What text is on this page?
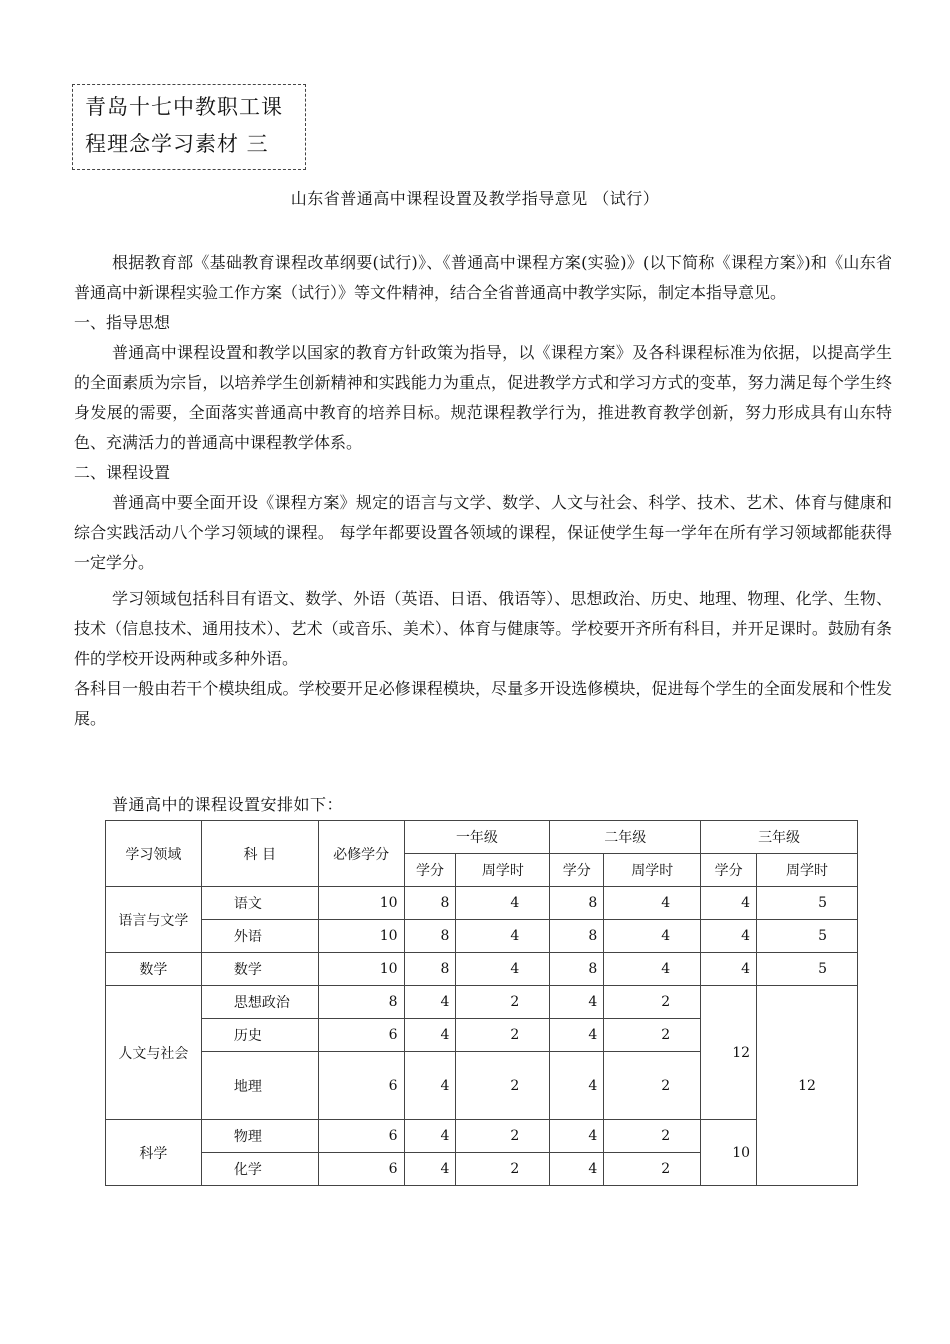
青岛十七中教职工课
程理念学习素材 三
山东省普通高中课程设置及教学指导意见 （试行）

根据教育部《基础教育课程改革纲要(试行)》、《普通高中课程方案(实验)》(以下简称《课程方案》)和《山东省普通高中新课程实验工作方案（试行）》等文件精神，结合全省普通高中教学实际，制定本指导意见。

一、指导思想

普通高中课程设置和教学以国家的教育方针政策为指导，以《课程方案》及各科课程标准为依据，以提高学生的全面素质为宗旨，以培养学生创新精神和实践能力为重点，促进教学方式和学习方式的变革，努力满足每个学生终身发展的需要，全面落实普通高中教育的培养目标。规范课程教学行为，推进教育教学创新，努力形成具有山东特色、充满活力的普通高中课程教学体系。

二、课程设置

普通高中要全面开设《课程方案》规定的语言与文学、数学、人文与社会、科学、技术、艺术、体育与健康和综合实践活动八个学习领域的课程。 每学年都要设置各领域的课程，保证使学生每一学年在所有学习领域都能获得一定学分。

学习领域包括科目有语文、数学、外语（英语、日语、俄语等）、思想政治、历史、地理、物理、化学、生物、技术（信息技术、通用技术）、艺术（或音乐、美术）、体育与健康等。学校要开齐所有科目，并开足课时。鼓励有条件的学校开设两种或多种外语。

各科目一般由若干个模块组成。学校要开足必修课程模块，尽量多开设选修模块，促进每个学生的全面发展和个性发展。

普通高中的课程设置安排如下：
学习领域	科 目	必修学分	一年级		二年级		三年级	
			学分	周学时	学分	周学时	学分	周学时
语言与文学	语文	10	8	4	8	4	4	5
	外语	10	8	4	8	4	4	5
数学	数学	10	8	4	8	4	4	5
人文与社会	思想政治	8	4	2	4	2	12	12
	历史	6	4	2	4	2		
	地理	6	4	2	4	2		
科学	物理	6	4	2	4	2	10	
	化学	6	4	2	4	2		
